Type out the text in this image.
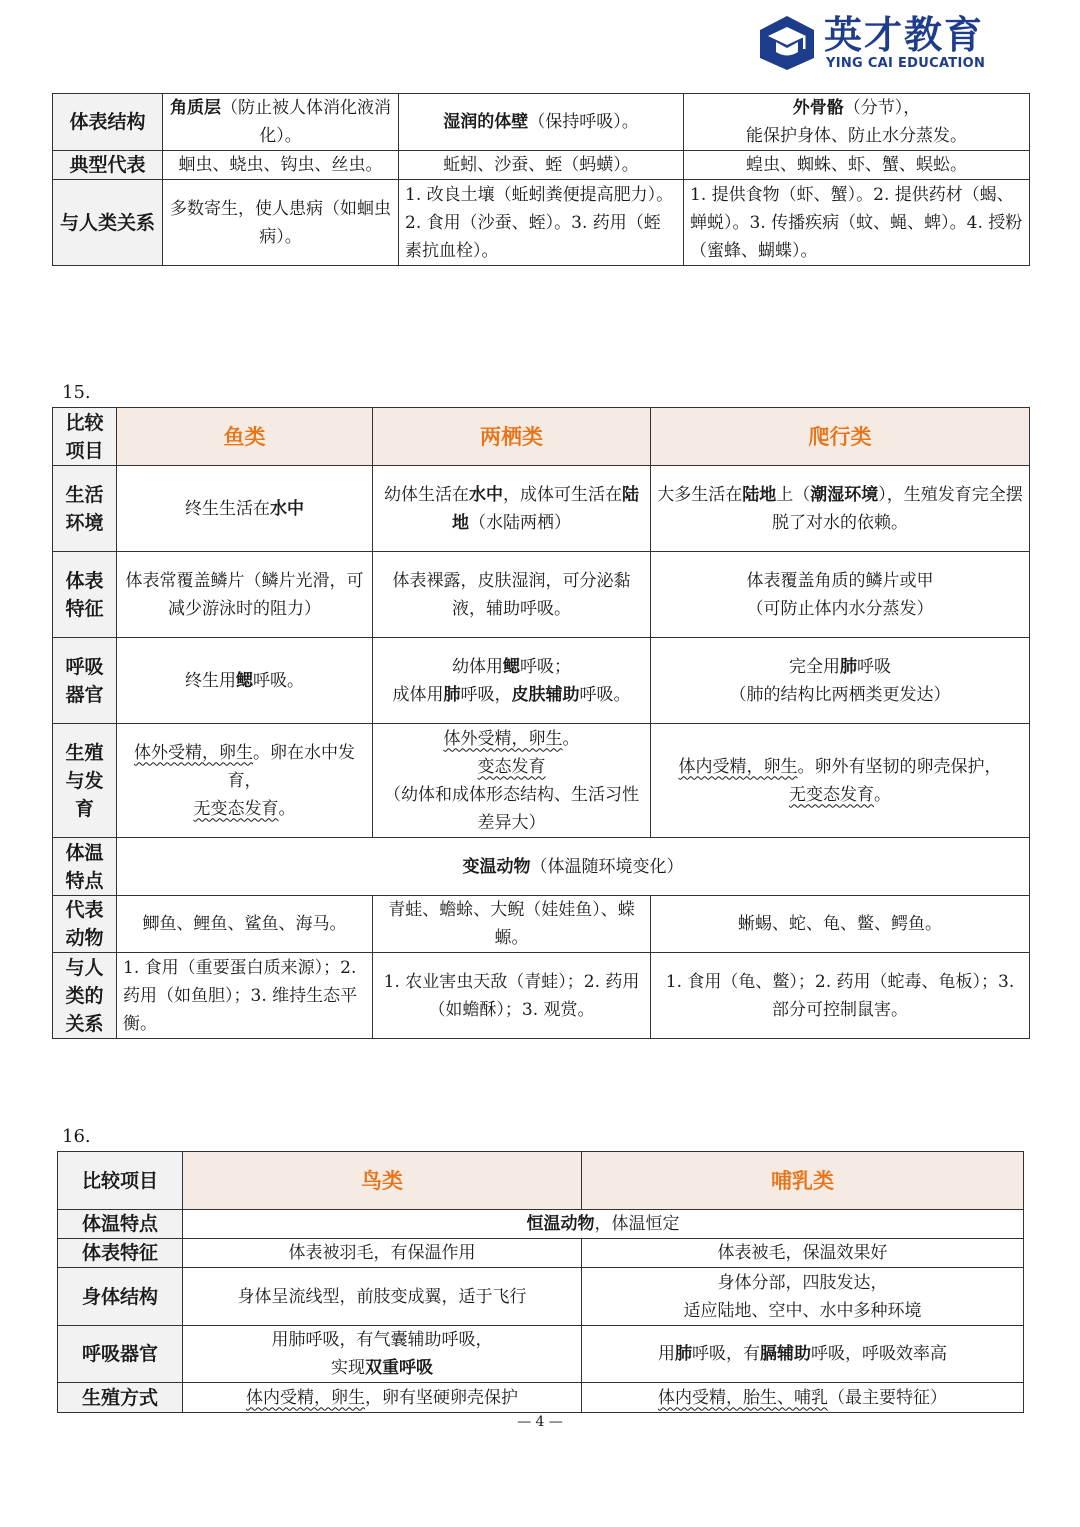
英才教育
YING CAI EDUCATION
体表结构	角质层（防止被人体消化液消化）。	湿润的体壁（保持呼吸）。	外骨骼（分节），
能保护身体、防止水分蒸发。
典型代表	蛔虫、蛲虫、钩虫、丝虫。	蚯蚓、沙蚕、蛭（蚂蟥）。	蝗虫、蜘蛛、虾、蟹、蜈蚣。
与人类关系	多数寄生，使人患病（如蛔虫病）。	1. 改良土壤（蚯蚓粪便提高肥力）。2. 食用（沙蚕、蛭）。3. 药用（蛭素抗血栓）。	1. 提供食物（虾、蟹）。2. 提供药材（蝎、蝉蜕）。3. 传播疾病（蚊、蝇、蜱）。4. 授粉（蜜蜂、蝴蝶）。
15.
比较项目	鱼类	两栖类	爬行类
生活环境	终生生活在水中	幼体生活在水中，成体可生活在陆地（水陆两栖）	大多生活在陆地上（潮湿环境），生殖发育完全摆脱了对水的依赖。
体表特征	体表常覆盖鳞片（鳞片光滑，可减少游泳时的阻力）	体表裸露，皮肤湿润，可分泌黏液，辅助呼吸。	体表覆盖角质的鳞片或甲
（可防止体内水分蒸发）
呼吸器官	终生用鳃呼吸。	幼体用鳃呼吸；
成体用肺呼吸，皮肤辅助呼吸。	完全用肺呼吸
（肺的结构比两栖类更发达）
生殖与发育	体外受精，卵生。卵在水中发育，
无变态发育。	体外受精，卵生。
变态发育
（幼体和成体形态结构、生活习性差异大）	体内受精，卵生。卵外有坚韧的卵壳保护，
无变态发育。
体温特点	变温动物（体温随环境变化）		
代表动物	鲫鱼、鲤鱼、鲨鱼、海马。	青蛙、蟾蜍、大鲵（娃娃鱼）、蝾螈。	蜥蜴、蛇、龟、鳖、鳄鱼。
与人类的关系	1. 食用（重要蛋白质来源）；2. 药用（如鱼胆）；3. 维持生态平衡。	1. 农业害虫天敌（青蛙）；2. 药用（如蟾酥）；3. 观赏。	1. 食用（龟、鳖）；2. 药用（蛇毒、龟板）；3. 部分可控制鼠害。
16.
比较项目	鸟类	哺乳类
体温特点	恒温动物，体温恒定	
体表特征	体表被羽毛，有保温作用	体表被毛，保温效果好
身体结构	身体呈流线型，前肢变成翼，适于飞行	身体分部，四肢发达，
适应陆地、空中、水中多种环境
呼吸器官	用肺呼吸，有气囊辅助呼吸，
实现双重呼吸	用肺呼吸，有膈辅助呼吸，呼吸效率高
生殖方式	体内受精，卵生，卵有坚硬卵壳保护	体内受精，胎生、哺乳（最主要特征）
— 4 —
